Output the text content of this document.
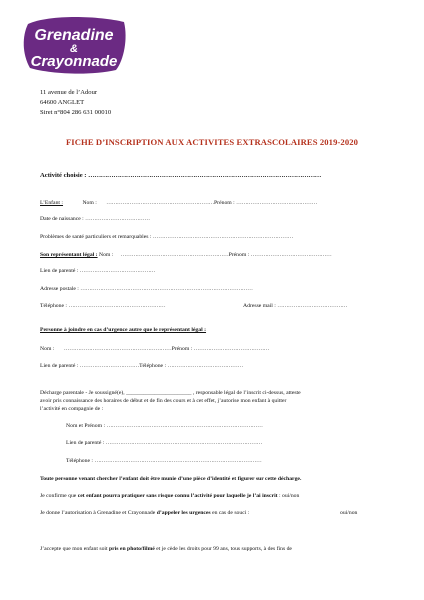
Grenadine
&
Crayonnade
11 avenue de l’Adour
64600 ANGLET
Siret n°804 286 631 00010
FICHE D’INSCRIPTION AUX ACTIVITES EXTRASCOLAIRES 2019-2020
Activité choisie : …………………………………………………………………………………………………
L’Enfant :	Nom : ……………………………………………………Prénom : ………………………………………
Date de naissance : ………………………………
Problèmes de santé particuliers et remarquables : ……………………………………………………………………
Son représentant légal : Nom : ……………………………………………………Prénom : ………………………………………
Lien de parenté : ……………………………………
Adresse postale : ……………………………………………………………………………………
Téléphone : ………………………………………………	Adresse mail : …………………………………
Personne à joindre en cas d’urgence autre que le représentant légal :
Nom : ……………………………………………………Prénom : ……………………………………
Lien de parenté : ……………………………Téléphone : ……………………………………
Décharge parentale - Je soussigné(e), _______________________ , responsable légal de l’inscrit ci-dessus, atteste
avoir pris connaissance des horaires de début et de fin des cours et à cet effet, j’autorise mon enfant à quitter
l’activité en compagnie de :
Nom et Prénom : ……………………………………………………………………………
Lien de parenté : ……………………………………………………………………………
Téléphone : …………………………………………………………………………………
Toute personne venant chercher l’enfant doit être munie d’une pièce d’identité et figurer sur cette décharge.
Je confirme que cet enfant pourra pratiquer sans risque connu l’activité pour laquelle je l’ai inscrit : oui/non
Je donne l’autorisation à Grenadine et Crayonnade d’appeler les urgences en cas de souci :	oui/non
J’accepte que mon enfant soit pris en photo/filmé et je cède les droits pour 99 ans, tous supports, à des fins de
